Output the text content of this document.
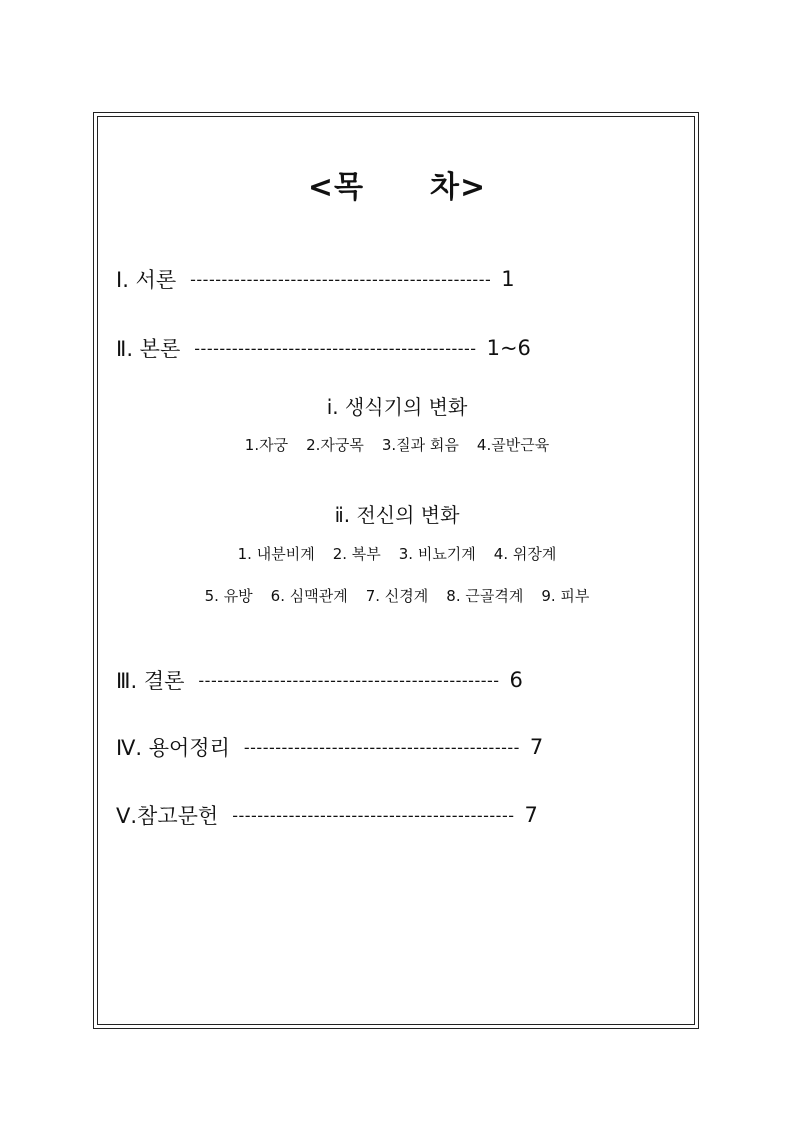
<목 차>
Ⅰ. 서론 ------------------------------------------------ 1
Ⅱ. 본론 --------------------------------------------- 1~6
ⅰ. 생식기의 변화
1.자궁 2.자궁목 3.질과 회음 4.골반근육
ⅱ. 전신의 변화
1. 내분비계 2. 복부 3. 비뇨기계 4. 위장계
5. 유방 6. 심맥관계 7. 신경계 8. 근골격계 9. 피부
Ⅲ. 결론 ------------------------------------------------ 6
Ⅳ. 용어정리 -------------------------------------------- 7
Ⅴ.참고문헌 --------------------------------------------- 7
